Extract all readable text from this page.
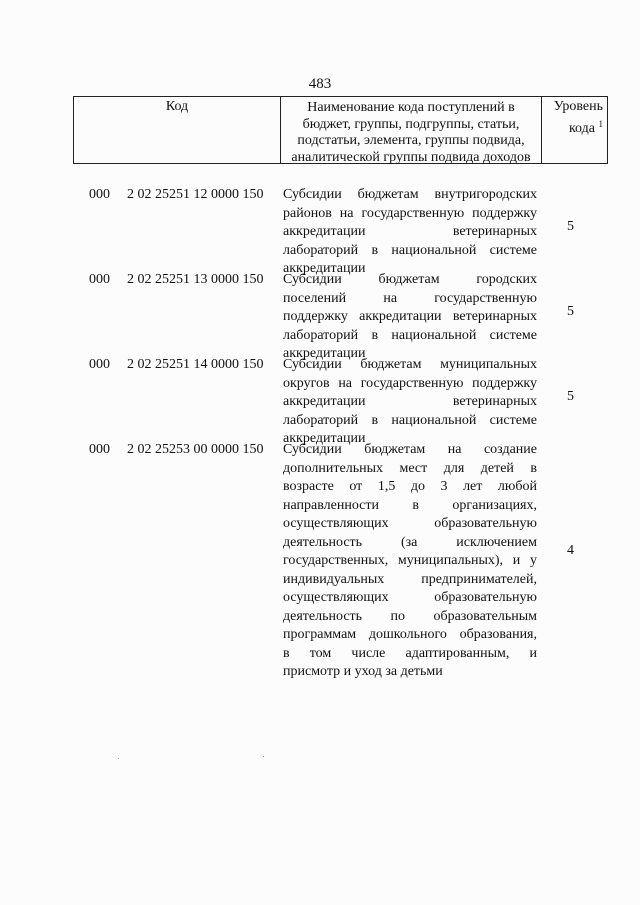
483
Код	Наименование кода поступлений в
бюджет, группы, подгруппы, статьи,
подстатьи, элемента, группы подвида,
аналитической группы подвида доходов
Уровень
кода $^1$
000 2 02 25251 12 0000 150 Субсидии бюджетам внутригородских
районов на государственную поддержку
аккредитации ветеринарных
лабораторий в национальной системе
аккредитации
5
000 2 02 25251 13 0000 150 Субсидии бюджетам городских
поселений на государственную
поддержку аккредитации ветеринарных
лабораторий в национальной системе
аккредитации
5
000 2 02 25251 14 0000 150 Субсидии бюджетам муниципальных
округов на государственную поддержку
аккредитации ветеринарных
лабораторий в национальной системе
аккредитации
5
000 2 02 25253 00 0000 150 Субсидии бюджетам на создание
дополнительных мест для детей в
возрасте от 1,5 до 3 лет любой
направленности в организациях,
осуществляющих образовательную
деятельность (за исключением
государственных, муниципальных), и у
индивидуальных предпринимателей,
осуществляющих образовательную
деятельность по образовательным
программам дошкольного образования,
в том числе адаптированным, и
присмотр и уход за детьми
4
